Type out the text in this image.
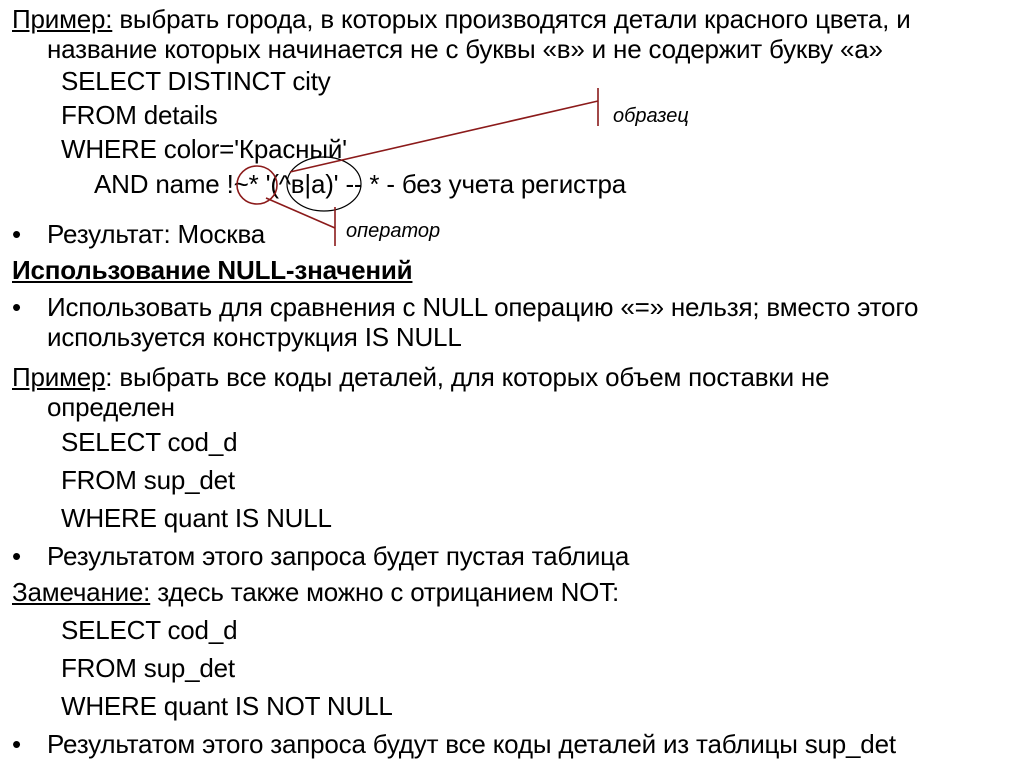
Пример: выбрать города, в которых производятся детали красного цвета, и
название которых начинается не с буквы «в» и не содержит букву «а»
SELECT DISTINCT city
FROM details
WHERE color='Красный'
AND name !~* '(^в|а)' -- * - без учета регистра
образец
оператор
• Результат: Москва
Использование NULL-значений
• Использовать для сравнения с NULL операцию «=» нельзя; вместо этого
используется конструкция IS NULL
Пример: выбрать все коды деталей, для которых объем поставки не
определен
SELECT cod_d
FROM sup_det
WHERE quant IS NULL
• Результатом этого запроса будет пустая таблица
Замечание: здесь также можно с отрицанием NOT:
SELECT cod_d
FROM sup_det
WHERE quant IS NOT NULL
• Результатом этого запроса будут все коды деталей из таблицы sup_det
